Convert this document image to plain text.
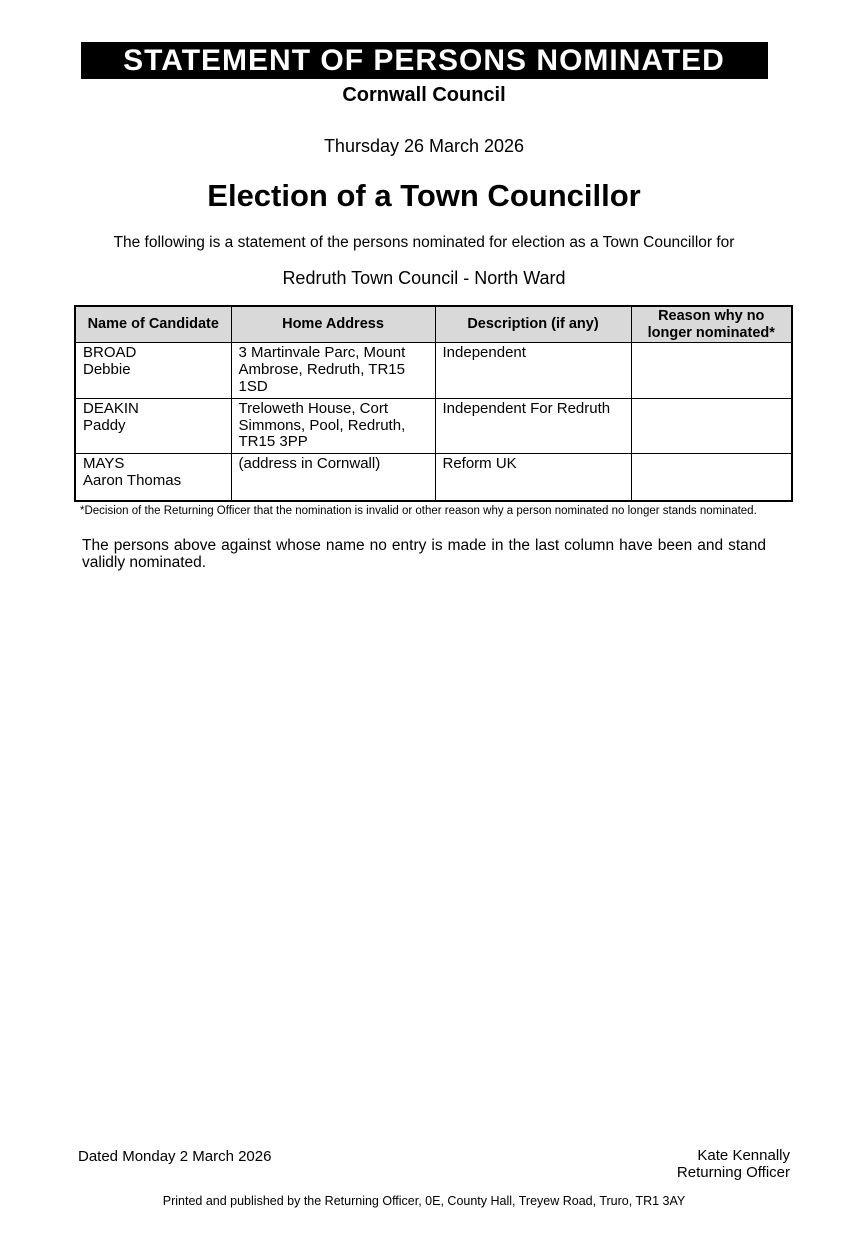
STATEMENT OF PERSONS NOMINATED
Cornwall Council
Thursday 26 March 2026
Election of a Town Councillor
The following is a statement of the persons nominated for election as a Town Councillor for
Redruth Town Council - North Ward
Name of Candidate	Home Address	Description (if any)	Reason why no longer nominated*

BROAD
Debbie	3 Martinvale Parc, Mount Ambrose, Redruth, TR15 1SD	Independent	

DEAKIN
Paddy	Treloweth House, Cort Simmons, Pool, Redruth, TR15 3PP	Independent For Redruth	

MAYS
Aaron Thomas	(address in Cornwall)	Reform UK	
*Decision of the Returning Officer that the nomination is invalid or other reason why a person nominated no longer stands nominated.
The persons above against whose name no entry is made in the last column have been and stand validly nominated.
Dated Monday 2 March 2026	Kate Kennally
Returning Officer
Printed and published by the Returning Officer, 0E, County Hall, Treyew Road, Truro, TR1 3AY
